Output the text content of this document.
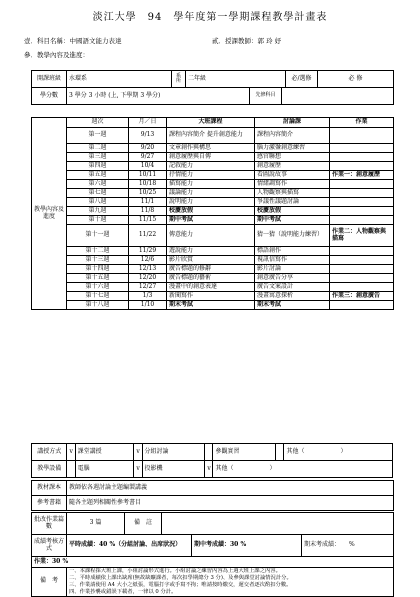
淡江大學　94　學年度第一學期課程教學計畫表
壹．科目名稱：中國語文能力表達	貳．授課教師：郭 玲 妤
參．教學內容及進度：
開課班級	水環系	系所	二年級	必/選修	必 修
學分數	3 學分 3 小時 (上, 下學期 3 學分)	先修科目	
教學內容及進度	週次	月／日	大班課程	討論課	作業
	第一週	9/13	課程內容簡介 提升創意能力	課程內容簡介	
	第二週	9/20	文章創作與構思	腦力激盪創意練習	
	第三週	9/27	創意履歷與自傳	感官聯想	
	第四週	10/4	記敘能力	創意履歷	
	第五週	10/11	抒情能力	看圖說故事	作業一：創意履歷
	第六週	10/18	描寫能力	情緒調寫作	
	第七週	10/25	議論能力	人物觀察與描寫	
	第八週	11/1	說明能力	爭議性議題討論	
	第九週	11/8	校慶放假	校慶放假	
	第十週	11/15	期中考試	期中考試	
	第十一週	11/22	傳意能力	猜一猜（說明能力練習）	作業二：人物觀察與描寫
	第十二週	11/29	遊說能力	標語創作	
	第十三週	12/6	影片欣賞	視訊信寫作	
	第十四週	12/13	廣告標題的修辭	影片討論	
	第十五週	12/20	廣告標題的藝術	創意廣告分享	
	第十六週	12/27	漫畫中的創意表達	廣告文案設計	
	第十七週	1/3	新聞寫作	漫畫寓意探析	作業三：創意廣告
	第十八週	1/10	期末考試	期末考試	
講授方式	v	課堂講授	v	分組討論		參觀實習		其他（　　　　　　）
教學設備		電腦	v	投影機	v	其他（　　　　　　）		
教材課本	教師依各週討論主題編製講義
參考書籍	隨各主題列相關性參考書目
批改作業篇數	3 篇	備　註	
成績考核方式	平時成績：40 %（分組討論、出席狀況）	期中考成績：30 %	期末考成績：　　%
作業：30 %
備　考	
一、本課程採大班上課，小組討論形式進行。小組討論之練習內容為上週大班上課之內容。
二、平時成績依上課出缺席(無故缺曠課者，每次扣學期總分 3 分)、及參與課堂討論情況計分。
三、作業請使用 A4 大小之紙張，電腦打字或手寫不拘；唯請按時繳交，遲交者逐次酌扣分數。
四、作業抄襲或錯誤下載者，一律以 0 分計。
